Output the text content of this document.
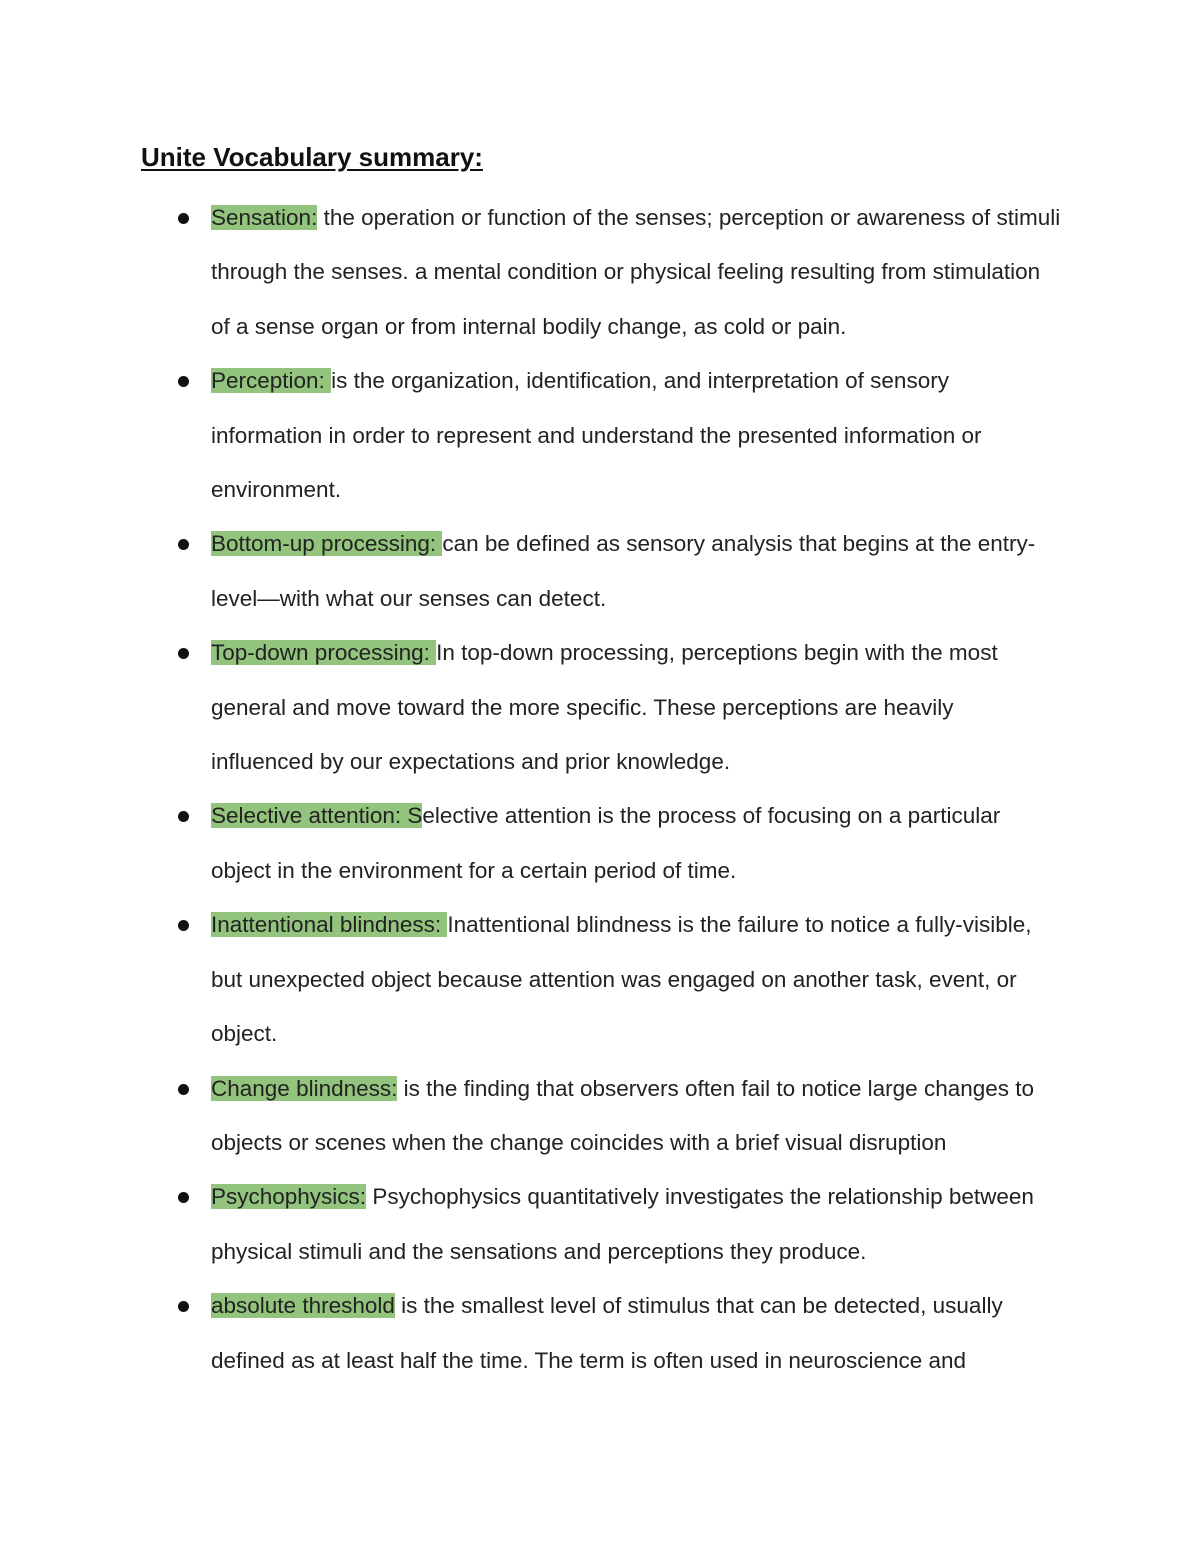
Unite Vocabulary summary:
Sensation: the operation or function of the senses; perception or awareness of stimuli through the senses. a mental condition or physical feeling resulting from stimulation of a sense organ or from internal bodily change, as cold or pain.
Perception: is the organization, identification, and interpretation of sensory information in order to represent and understand the presented information or environment.
Bottom-up processing: can be defined as sensory analysis that begins at the entry-level—with what our senses can detect.
Top-down processing: In top-down processing, perceptions begin with the most general and move toward the more specific. These perceptions are heavily influenced by our expectations and prior knowledge.
Selective attention: Selective attention is the process of focusing on a particular object in the environment for a certain period of time.
Inattentional blindness: Inattentional blindness is the failure to notice a fully-visible, but unexpected object because attention was engaged on another task, event, or object.
Change blindness: is the finding that observers often fail to notice large changes to objects or scenes when the change coincides with a brief visual disruption
Psychophysics: Psychophysics quantitatively investigates the relationship between physical stimuli and the sensations and perceptions they produce.
absolute threshold is the smallest level of stimulus that can be detected, usually defined as at least half the time. The term is often used in neuroscience and
